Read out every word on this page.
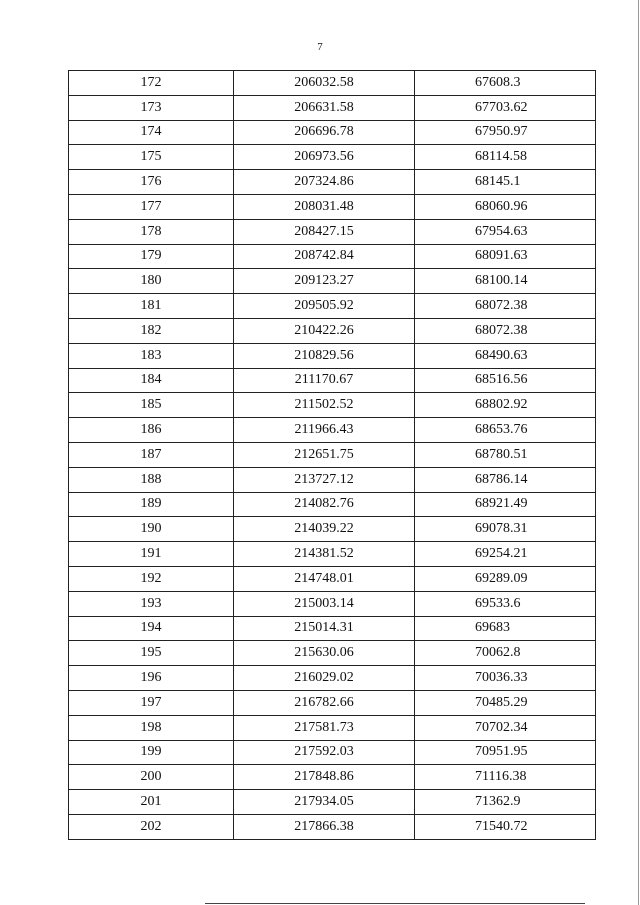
7
172	206032.58	67608.3
173	206631.58	67703.62
174	206696.78	67950.97
175	206973.56	68114.58
176	207324.86	68145.1
177	208031.48	68060.96
178	208427.15	67954.63
179	208742.84	68091.63
180	209123.27	68100.14
181	209505.92	68072.38
182	210422.26	68072.38
183	210829.56	68490.63
184	211170.67	68516.56
185	211502.52	68802.92
186	211966.43	68653.76
187	212651.75	68780.51
188	213727.12	68786.14
189	214082.76	68921.49
190	214039.22	69078.31
191	214381.52	69254.21
192	214748.01	69289.09
193	215003.14	69533.6
194	215014.31	69683
195	215630.06	70062.8
196	216029.02	70036.33
197	216782.66	70485.29
198	217581.73	70702.34
199	217592.03	70951.95
200	217848.86	71116.38
201	217934.05	71362.9
202	217866.38	71540.72
